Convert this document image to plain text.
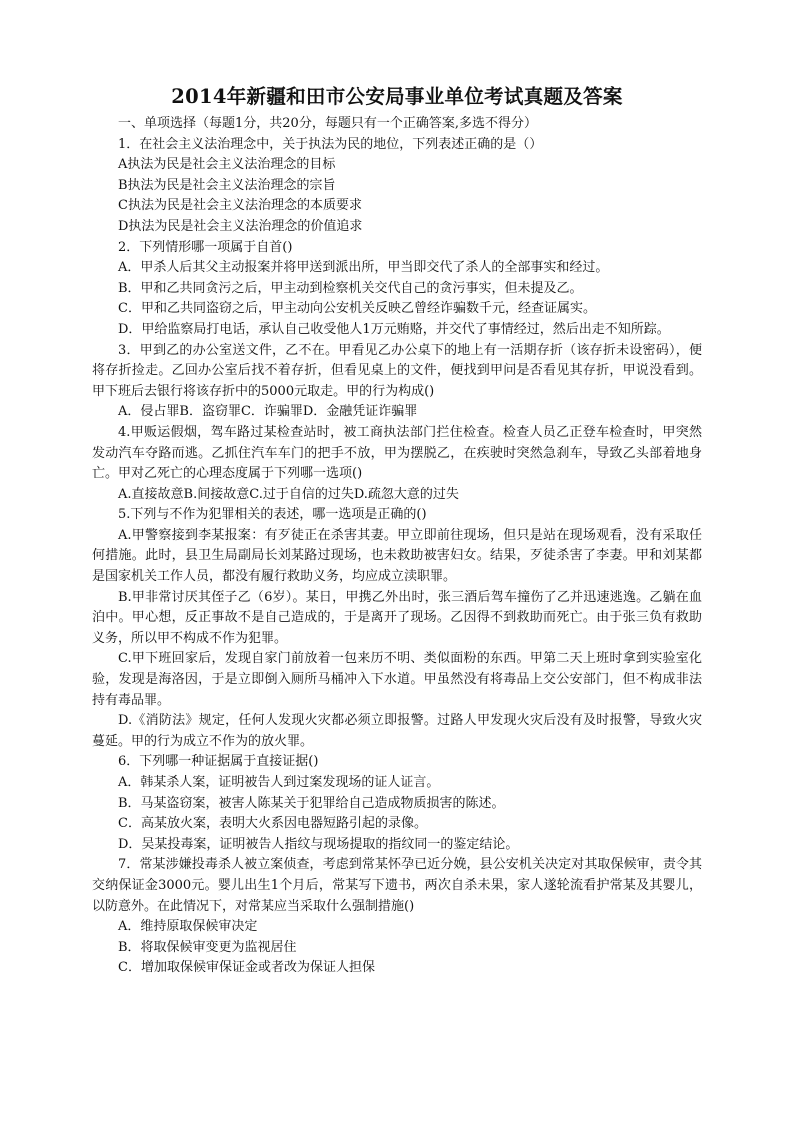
2014年新疆和田市公安局事业单位考试真题及答案

一、单项选择（每题1分，共20分，每题只有一个正确答案,多选不得分）

1．在社会主义法治理念中，关于执法为民的地位，下列表述正确的是（）

A执法为民是社会主义法治理念的目标

B执法为民是社会主义法治理念的宗旨

C执法为民是社会主义法治理念的本质要求

D执法为民是社会主义法治理念的价值追求

2．下列情形哪一项属于自首()

A．甲杀人后其父主动报案并将甲送到派出所，甲当即交代了杀人的全部事实和经过。

B．甲和乙共同贪污之后，甲主动到检察机关交代自己的贪污事实，但未提及乙。

C．甲和乙共同盗窃之后，甲主动向公安机关反映乙曾经诈骗数千元，经查证属实。

D．甲给监察局打电话，承认自己收受他人1万元贿赂，并交代了事情经过，然后出走不知所踪。

3．甲到乙的办公室送文件，乙不在。甲看见乙办公桌下的地上有一活期存折（该存折未设密码），便将存折捡走。乙回办公室后找不着存折，但看见桌上的文件，便找到甲问是否看见其存折，甲说没看到。甲下班后去银行将该存折中的5000元取走。甲的行为构成()

A．侵占罪B．盗窃罪C．诈骗罪D．金融凭证诈骗罪

4.甲贩运假烟，驾车路过某检查站时，被工商执法部门拦住检查。检查人员乙正登车检查时，甲突然发动汽车夺路而逃。乙抓住汽车车门的把手不放，甲为摆脱乙，在疾驶时突然急刹车，导致乙头部着地身亡。甲对乙死亡的心理态度属于下列哪一选项()

A.直接故意B.间接故意C.过于自信的过失D.疏忽大意的过失

5.下列与不作为犯罪相关的表述，哪一选项是正确的()

A.甲警察接到李某报案：有歹徒正在杀害其妻。甲立即前往现场，但只是站在现场观看，没有采取任何措施。此时，县卫生局副局长刘某路过现场，也未救助被害妇女。结果，歹徒杀害了李妻。甲和刘某都是国家机关工作人员，都没有履行救助义务，均应成立渎职罪。

B.甲非常讨厌其侄子乙（6岁）。某日，甲携乙外出时，张三酒后驾车撞伤了乙并迅速逃逸。乙躺在血泊中。甲心想，反正事故不是自己造成的，于是离开了现场。乙因得不到救助而死亡。由于张三负有救助义务，所以甲不构成不作为犯罪。

C.甲下班回家后，发现自家门前放着一包来历不明、类似面粉的东西。甲第二天上班时拿到实验室化验，发现是海洛因，于是立即倒入厕所马桶冲入下水道。甲虽然没有将毒品上交公安部门，但不构成非法持有毒品罪。

D.《消防法》规定，任何人发现火灾都必须立即报警。过路人甲发现火灾后没有及时报警，导致火灾蔓延。甲的行为成立不作为的放火罪。

6．下列哪一种证据属于直接证据()

A．韩某杀人案，证明被告人到过案发现场的证人证言。

B．马某盗窃案，被害人陈某关于犯罪给自己造成物质损害的陈述。

C．高某放火案，表明大火系因电器短路引起的录像。

D．吴某投毒案，证明被告人指纹与现场提取的指纹同一的鉴定结论。

7．常某涉嫌投毒杀人被立案侦查，考虑到常某怀孕已近分娩，县公安机关决定对其取保候审，责令其交纳保证金3000元。婴儿出生1个月后，常某写下遗书，两次自杀未果，家人遂轮流看护常某及其婴儿，以防意外。在此情况下，对常某应当采取什么强制措施()

A．维持原取保候审决定

B．将取保候审变更为监视居住

C．增加取保候审保证金或者改为保证人担保
